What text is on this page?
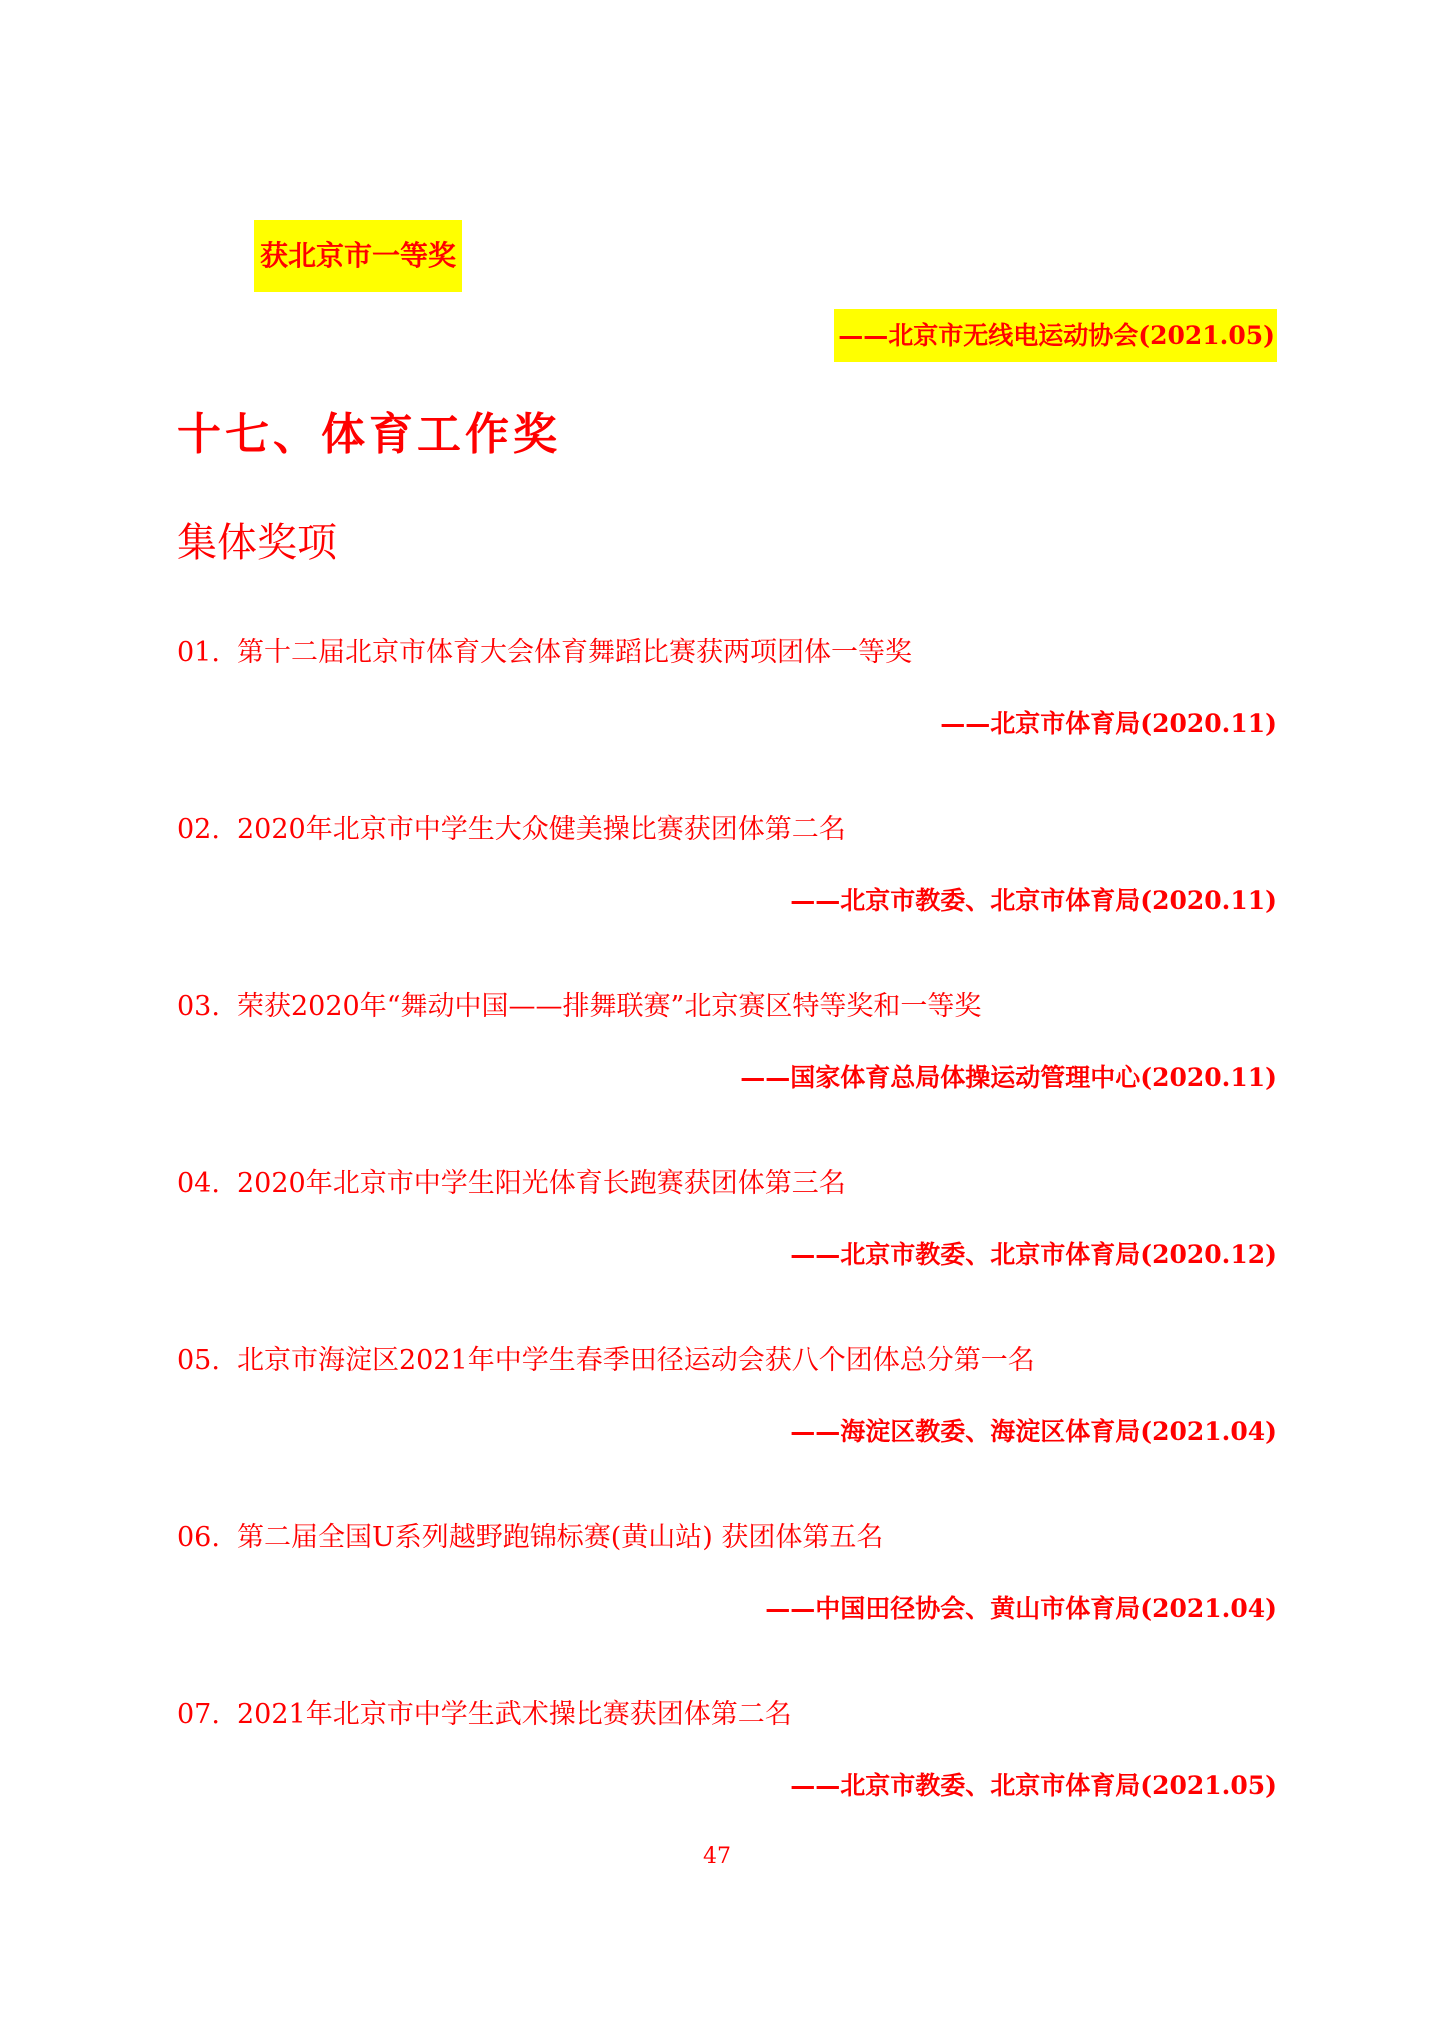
获北京市一等奖
——北京市无线电运动协会(2021.05)
十七、体育工作奖
集体奖项
01. 第十二届北京市体育大会体育舞蹈比赛获两项团体一等奖
——北京市体育局(2020.11)
02. 2020年北京市中学生大众健美操比赛获团体第二名
——北京市教委、北京市体育局(2020.11)
03. 荣获2020年“舞动中国——排舞联赛”北京赛区特等奖和一等奖
——国家体育总局体操运动管理中心(2020.11)
04. 2020年北京市中学生阳光体育长跑赛获团体第三名
——北京市教委、北京市体育局(2020.12)
05. 北京市海淀区2021年中学生春季田径运动会获八个团体总分第一名
——海淀区教委、海淀区体育局(2021.04)
06. 第二届全国U系列越野跑锦标赛(黄山站) 获团体第五名
——中国田径协会、黄山市体育局(2021.04)
07. 2021年北京市中学生武术操比赛获团体第二名
——北京市教委、北京市体育局(2021.05)
47
